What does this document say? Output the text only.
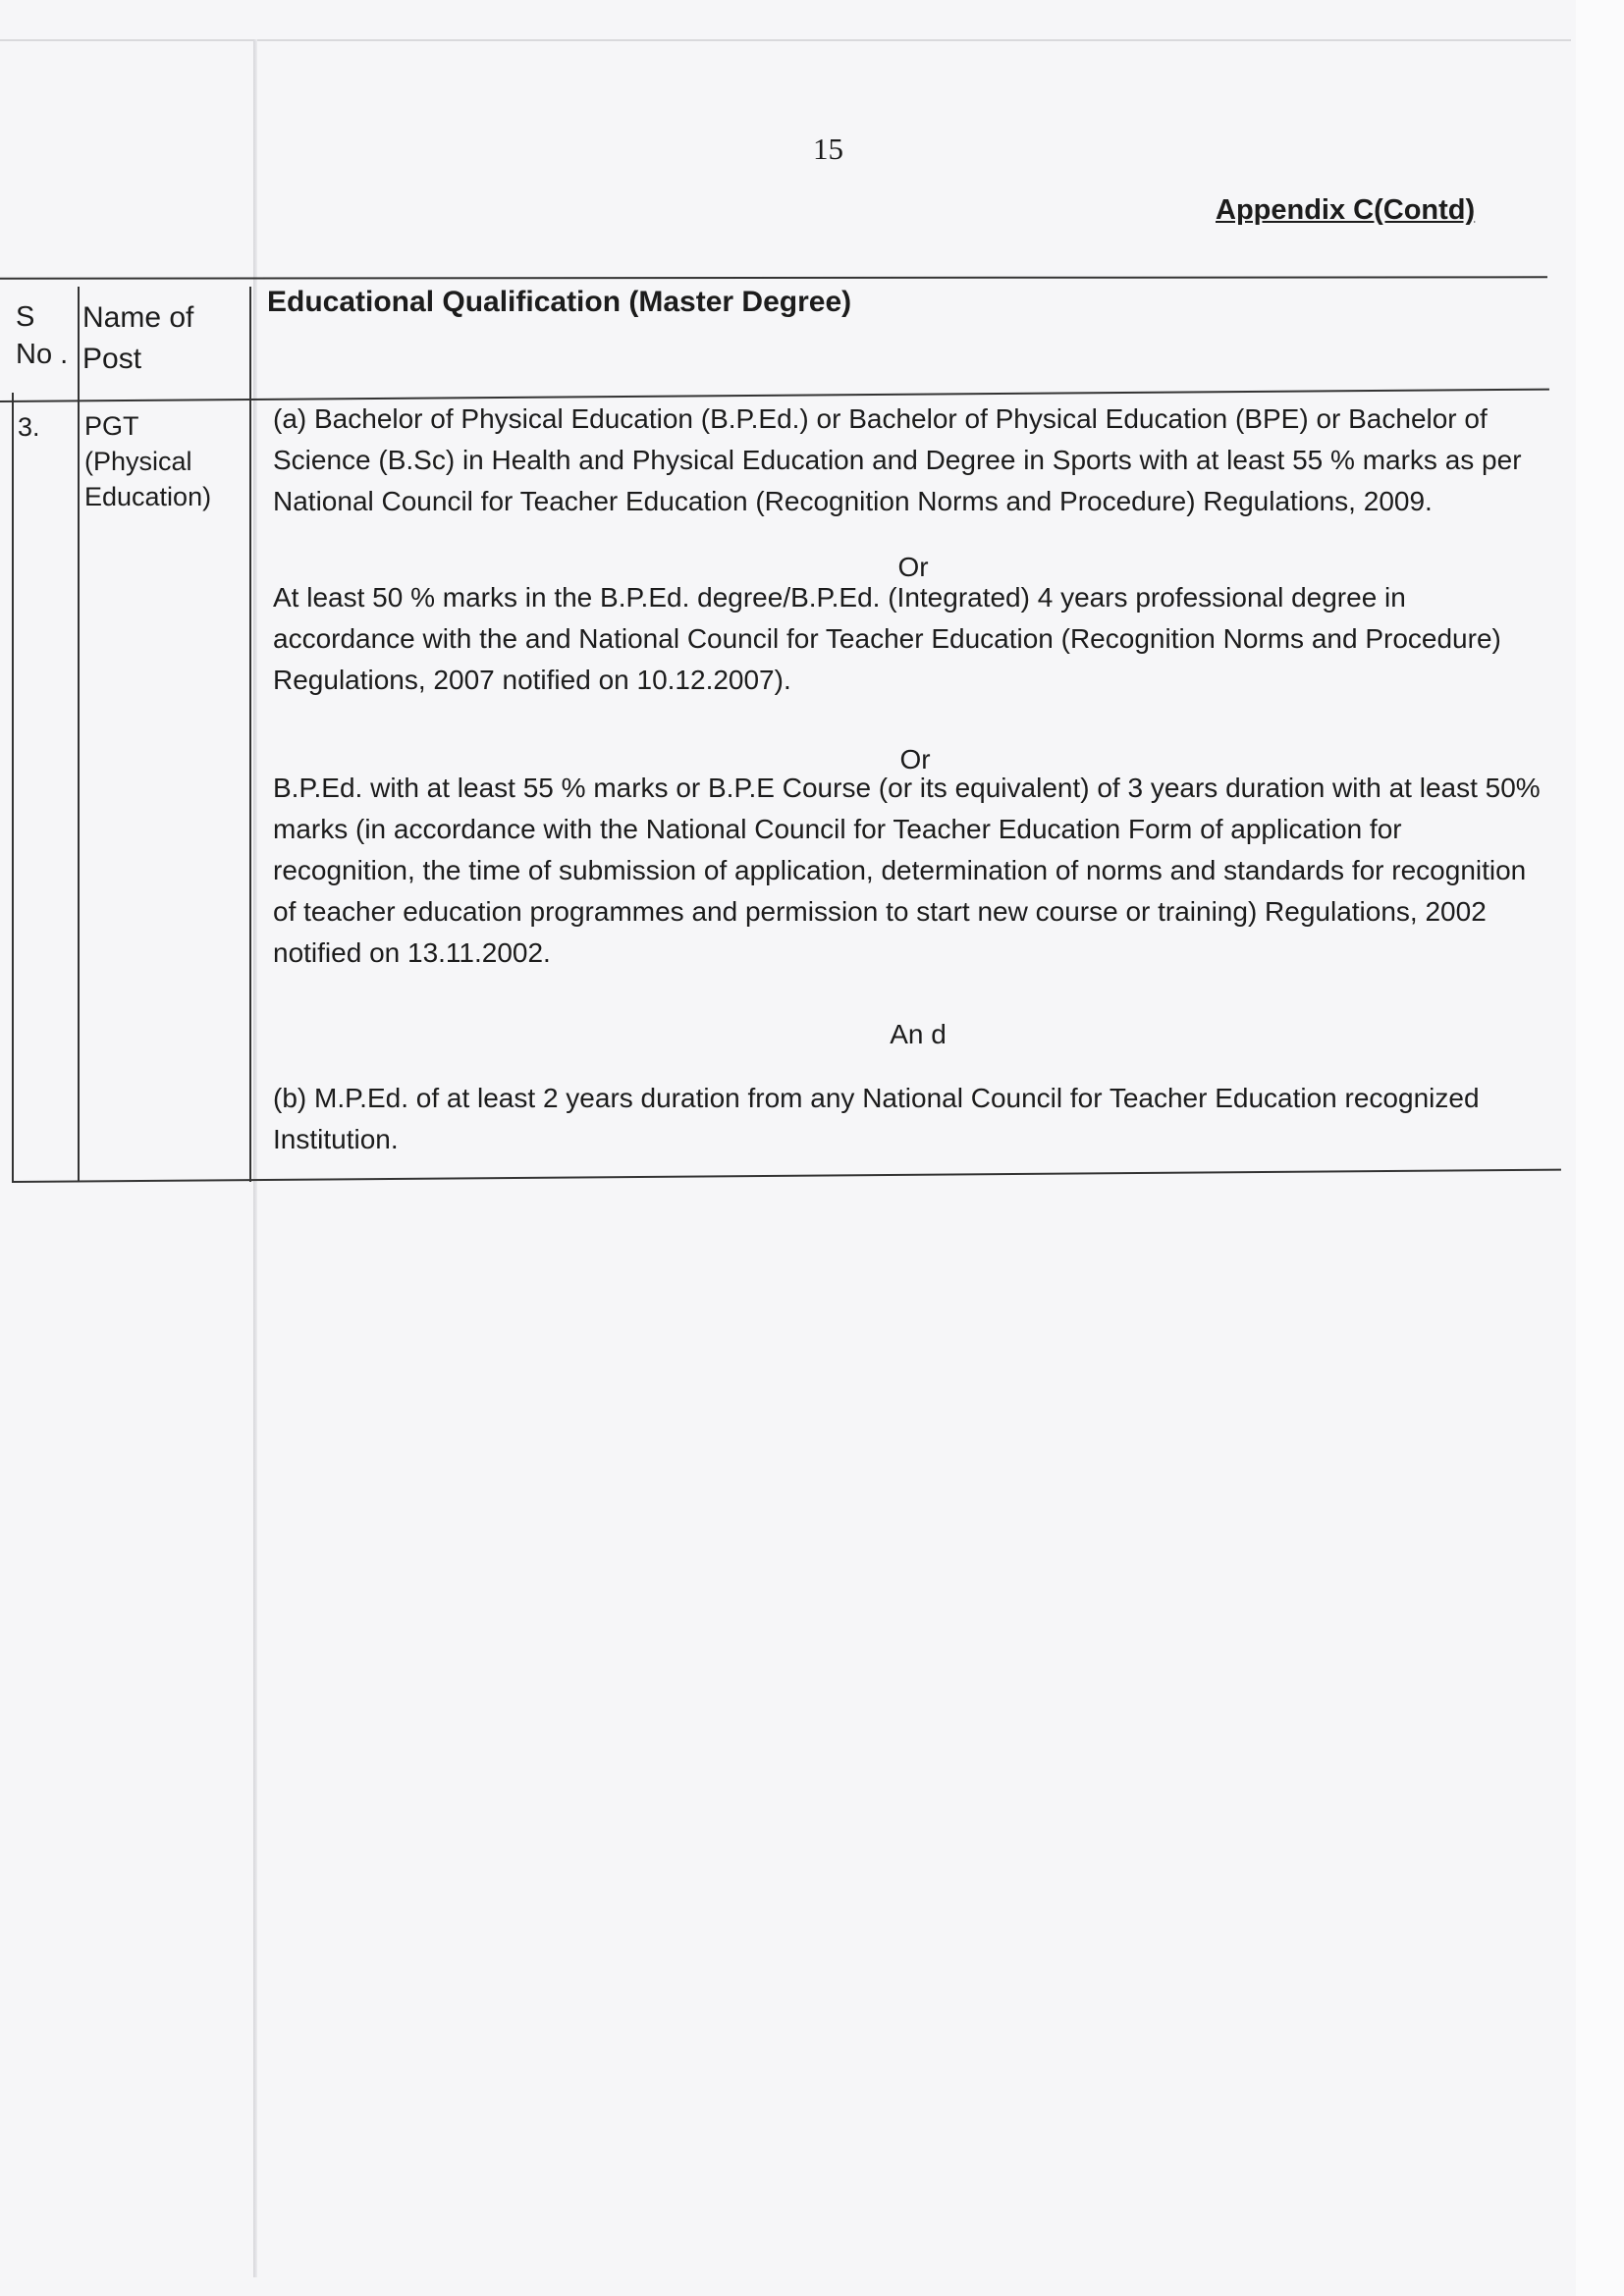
15
Appendix C(Contd)
S No .
Name of Post
Educational Qualification (Master Degree)
3. PGT (Physical Education)
(a) Bachelor of Physical Education (B.P.Ed.) or Bachelor of Physical Education (BPE) or Bachelor of Science (B.Sc) in Health and Physical Education and Degree in Sports with at least 55 % marks as per National Council for Teacher Education (Recognition Norms and Procedure) Regulations, 2009.
Or
At least 50 % marks in the B.P.Ed. degree/B.P.Ed. (Integrated) 4 years professional degree in accordance with the and National Council for Teacher Education (Recognition Norms and Procedure) Regulations, 2007 notified on 10.12.2007).
Or
B.P.Ed. with at least 55 % marks or B.P.E Course (or its equivalent) of 3 years duration with at least 50% marks (in accordance with the National Council for Teacher Education Form of application for recognition, the time of submission of application, determination of norms and standards for recognition of teacher education programmes and permission to start new course or training) Regulations, 2002 notified on 13.11.2002.
An d
(b) M.P.Ed. of at least 2 years duration from any National Council for Teacher Education recognized Institution.
